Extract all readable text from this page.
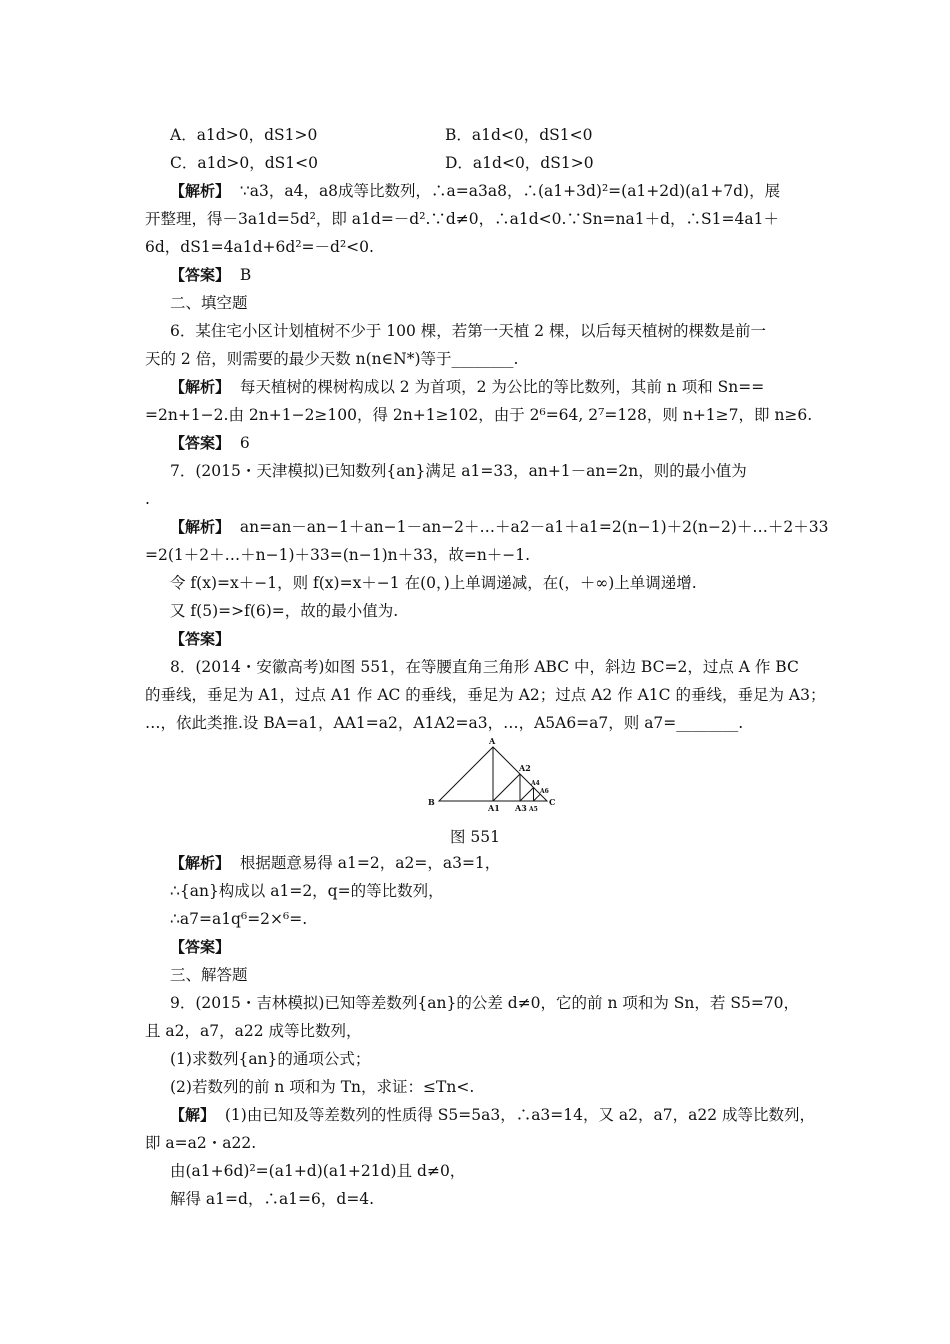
A．a1d>0，dS1>0	B．a1d<0，dS1<0
C．a1d>0，dS1<0	D．a1d<0，dS1>0
【解析】 ∵a3，a4，a8成等比数列，∴a=a3a8，∴(a1+3d)²=(a1+2d)(a1+7d)，展
开整理，得－3a1d=5d²，即 a1d=－d².∵d≠0，∴a1d<0.∵Sn=na1＋d，∴S1=4a1＋
6d，dS1=4a1d+6d²=－d²<0.
【答案】 B
二、填空题
6．某住宅小区计划植树不少于 100 棵，若第一天植 2 棵，以后每天植树的棵数是前一
天的 2 倍，则需要的最少天数 n(n∈N*)等于________.
【解析】 每天植树的棵树构成以 2 为首项，2 为公比的等比数列，其前 n 项和 Sn==
=2n+1−2.由 2n+1−2≥100，得 2n+1≥102，由于 2⁶=64, 2⁷=128，则 n+1≥7，即 n≥6.
【答案】 6
7．(2015・天津模拟)已知数列{an}满足 a1=33，an+1－an=2n，则的最小值为
.
【解析】 an=an－an−1＋an−1－an−2＋…＋a2－a1＋a1=2(n−1)＋2(n−2)＋…＋2＋33
=2(1＋2＋…＋n−1)＋33=(n−1)n＋33，故=n＋−1.
令 f(x)=x＋−1，则 f(x)=x＋−1 在(0，)上单调递减，在(，＋∞)上单调递增.
又 f(5)=>f(6)=，故的最小值为.
【答案】
8．(2014・安徽高考)如图 551，在等腰直角三角形 ABC 中，斜边 BC=2，过点 A 作 BC
的垂线，垂足为 A1，过点 A1 作 AC 的垂线，垂足为 A2；过点 A2 作 A1C 的垂线，垂足为 A3；
…，依此类推.设 BA=a1，AA1=a2，A1A2=a3，…，A5A6=a7，则 a7=________.
A
B	C
A1
A2
A3
A4
A5
A6
图 551
【解析】 根据题意易得 a1=2，a2=，a3=1，
∴{an}构成以 a1=2，q=的等比数列，
∴a7=a1q⁶=2×⁶=.
【答案】
三、解答题
9．(2015・吉林模拟)已知等差数列{an}的公差 d≠0，它的前 n 项和为 Sn，若 S5=70，
且 a2，a7，a22 成等比数列，
(1)求数列{an}的通项公式；
(2)若数列的前 n 项和为 Tn，求证：≤Tn<.
【解】 (1)由已知及等差数列的性质得 S5=5a3，∴a3=14，又 a2，a7，a22 成等比数列，
即 a=a2・a22.
由(a1+6d)²=(a1+d)(a1+21d)且 d≠0，
解得 a1=d，∴a1=6，d=4.
